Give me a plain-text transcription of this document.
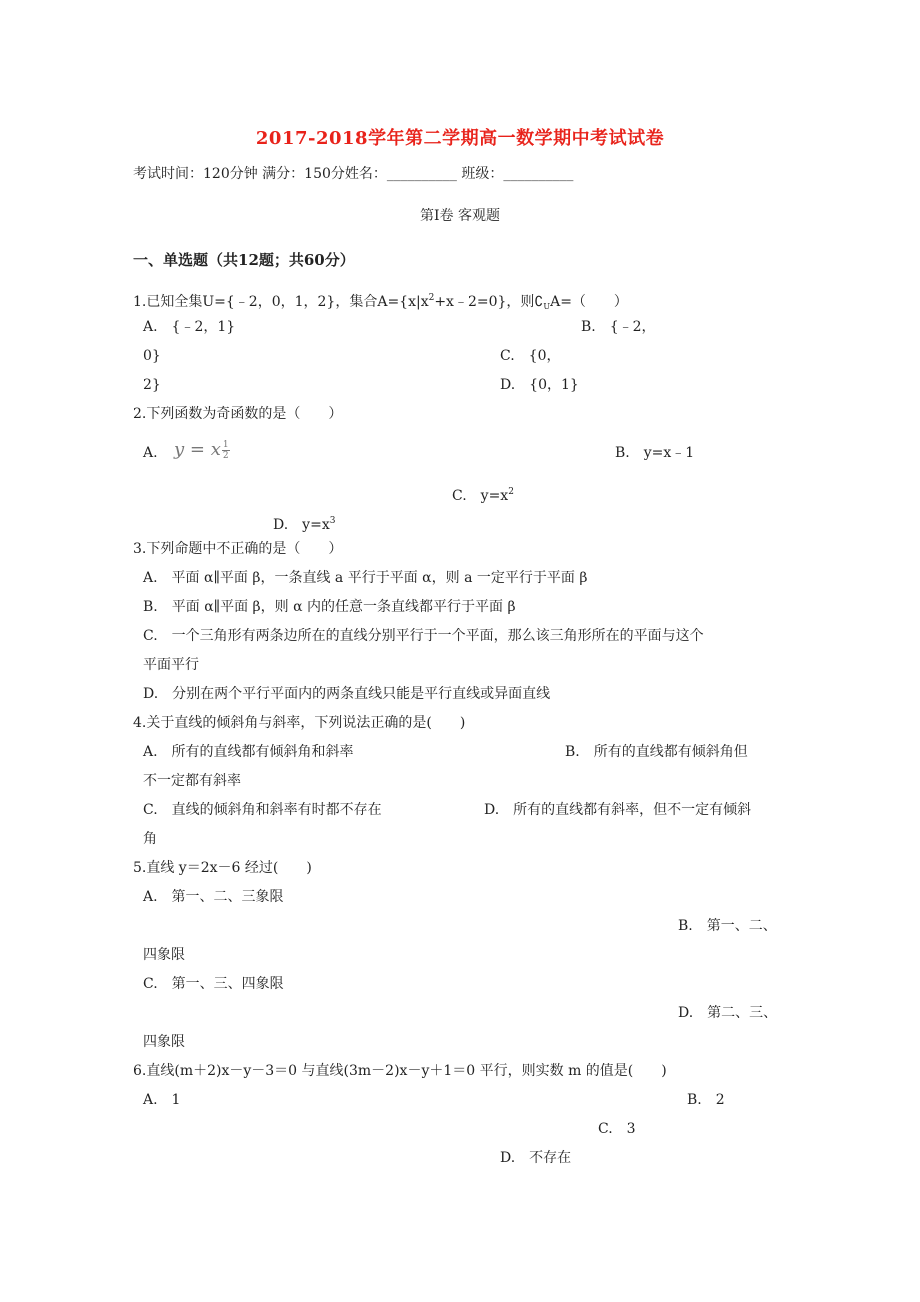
2017-2018学年第二学期高一数学期中考试试卷
考试时间：120分钟 满分：150分姓名：__________ 班级：__________
第Ⅰ卷 客观题
一、单选题（共12题；共60分）
1.已知全集U={﹣2，0，1，2}，集合$A=\{x|x^2+x﹣2=0\}$，则$∁_UA=$（　　）
A.　{﹣2，1}	B.　{﹣2，
0}	C.　{0，
2}	D.　{0，1}
2.下列函数为奇函数的是（　　）
A. y = x $\frac{1}{2}$	B.　y=x﹣1
C.　$y=x^2$
D.　$y=x^3$
3.下列命题中不正确的是（　　）
A.　平面 α∥平面 β，一条直线 a 平行于平面 α，则 a 一定平行于平面 β
B.　平面 α∥平面 β，则 α 内的任意一条直线都平行于平面 β
C.　一个三角形有两条边所在的直线分别平行于一个平面，那么该三角形所在的平面与这个
平面平行
D.　分别在两个平行平面内的两条直线只能是平行直线或异面直线
4.关于直线的倾斜角与斜率，下列说法正确的是(　　)
A.　所有的直线都有倾斜角和斜率	B.　所有的直线都有倾斜角但
不一定都有斜率
C.　直线的倾斜角和斜率有时都不存在	D.　所有的直线都有斜率，但不一定有倾斜
角
5.直线 y＝2x－6 经过(　　)
A.　第一、二、三象限
B.　第一、二、
四象限
C.　第一、三、四象限
D.　第二、三、
四象限
6.直线(m＋2)x－y－3＝0 与直线(3m－2)x－y＋1＝0 平行，则实数 m 的值是(　　)
A.　1	B.　2
C.　3
D.　不存在
